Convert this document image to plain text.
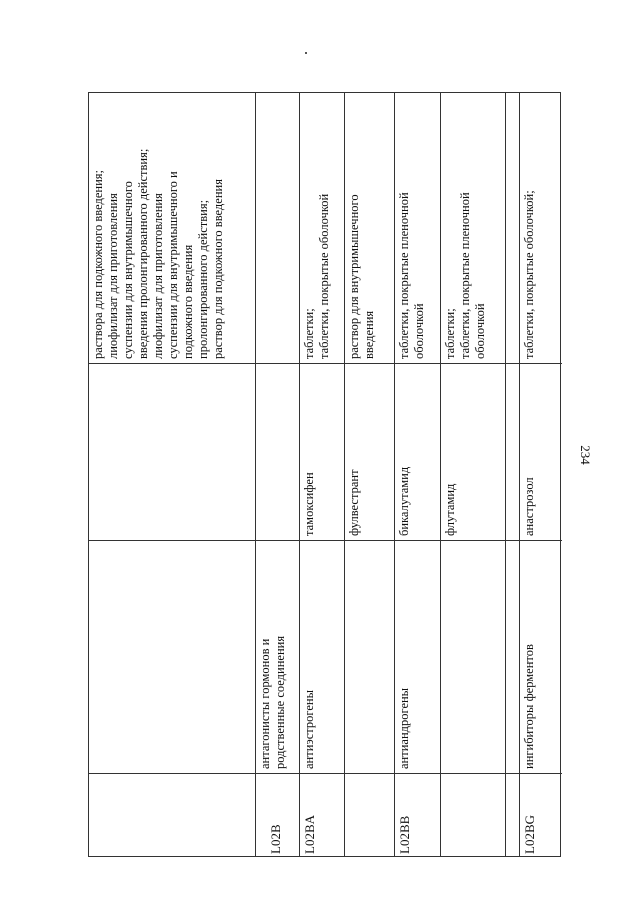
раствора для подкожного введения;
лиофилизат для приготовления
суспензии для внутримышечного
введения пролонгированного действия;
лиофилизат для приготовления
суспензии для внутримышечного и
подкожного введения
пролонгированного действия;
раствор для подкожного введения
L02B
антагонисты гормонов и
родственные соединения
L02BA
антиэстрогены
тамоксифен
таблетки;
таблетки, покрытые оболочкой
фулвестрант
раствор для внутримышечного
введения
L02BB
антиандрогены
бикалутамид
таблетки, покрытые пленочной
оболочкой
флутамид
таблетки;
таблетки, покрытые пленочной
оболочкой
L02BG
ингибиторы ферментов
анастрозол
таблетки, покрытые оболочкой;
234
